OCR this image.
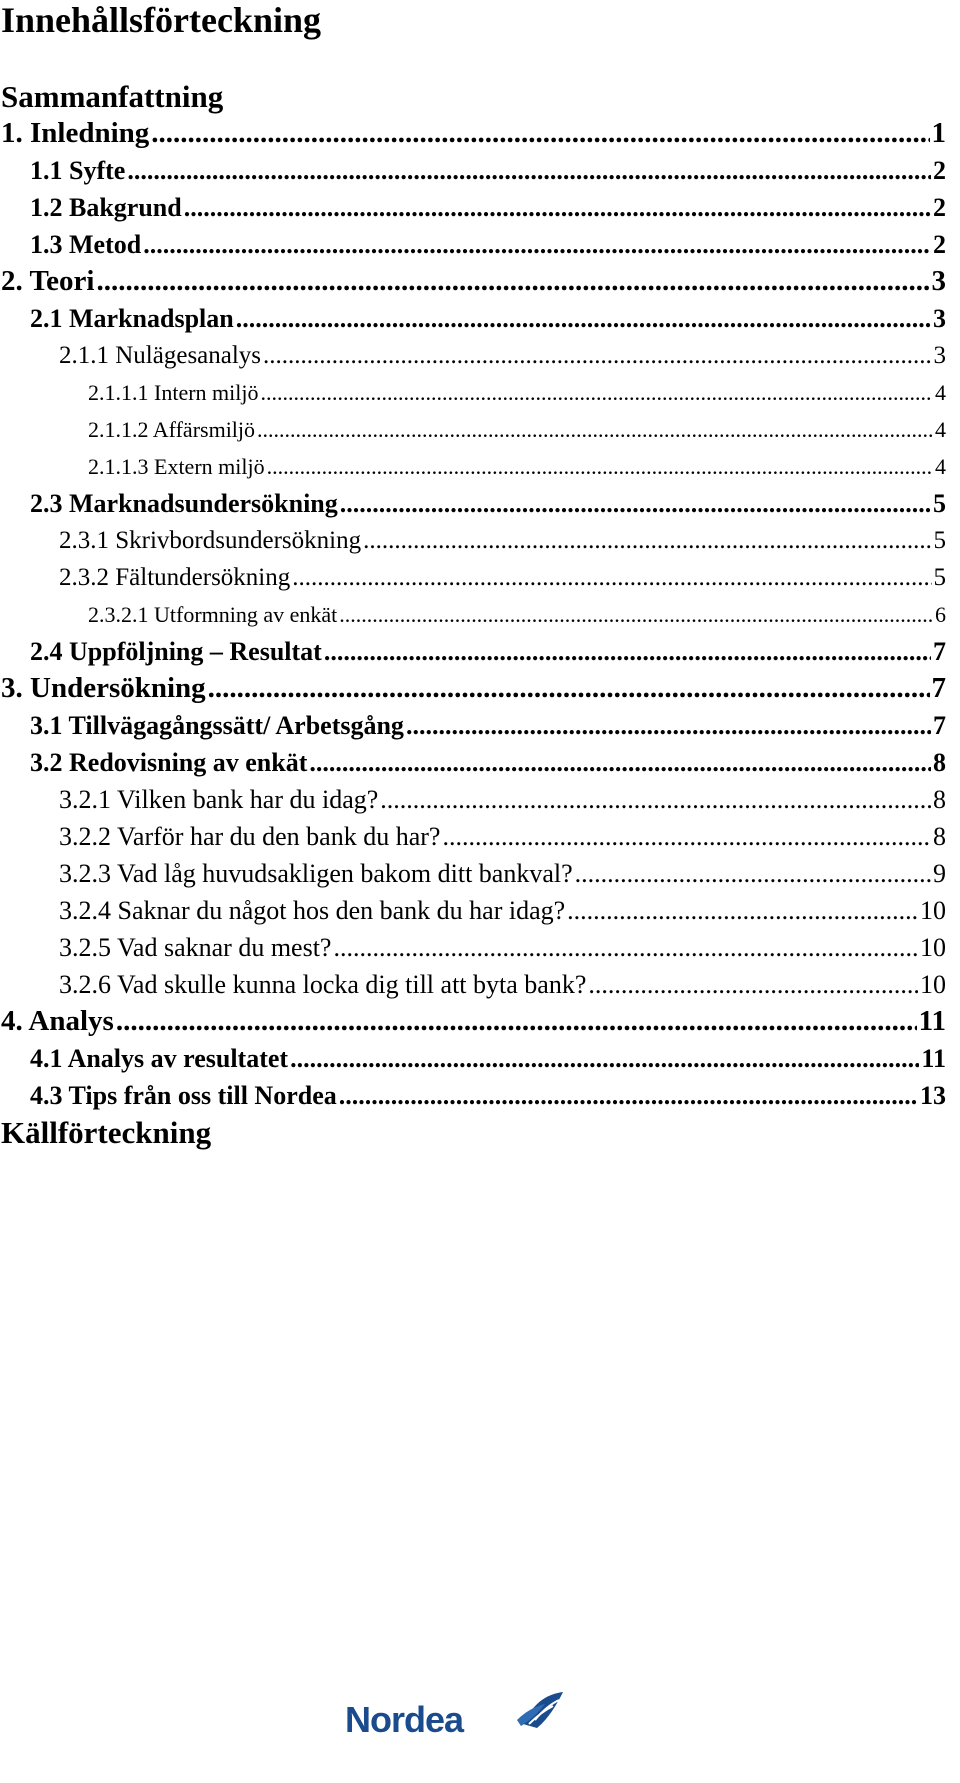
Innehållsförteckning
Sammanfattning
1. Inledning .....	1
1.1 Syfte .....	2
1.2 Bakgrund .....	2
1.3 Metod .....	2
2. Teori .....	3
2.1 Marknadsplan .....	3
2.1.1 Nulägesanalys .....	3
2.1.1.1 Intern miljö .....	4
2.1.1.2 Affärsmiljö .....	4
2.1.1.3 Extern miljö .....	4
2.3 Marknadsundersökning .....	5
2.3.1 Skrivbordsundersökning .....	5
2.3.2 Fältundersökning .....	5
2.3.2.1 Utformning av enkät .....	6
2.4 Uppföljning – Resultat .....	7
3. Undersökning .....	7
3.1 Tillvägagångssätt/ Arbetsgång .....	7
3.2 Redovisning av enkät .....	8
3.2.1 Vilken bank har du idag? .....	8
3.2.2 Varför har du den bank du har? .....	8
3.2.3 Vad låg huvudsakligen bakom ditt bankval? .....	9
3.2.4 Saknar du något hos den bank du har idag? .....	10
3.2.5 Vad saknar du mest? .....	10
3.2.6 Vad skulle kunna locka dig till att byta bank? .....	10
4. Analys .....	11
4.1 Analys av resultatet .....	11
4.3 Tips från oss till Nordea .....	13
Källförteckning
Nordea
